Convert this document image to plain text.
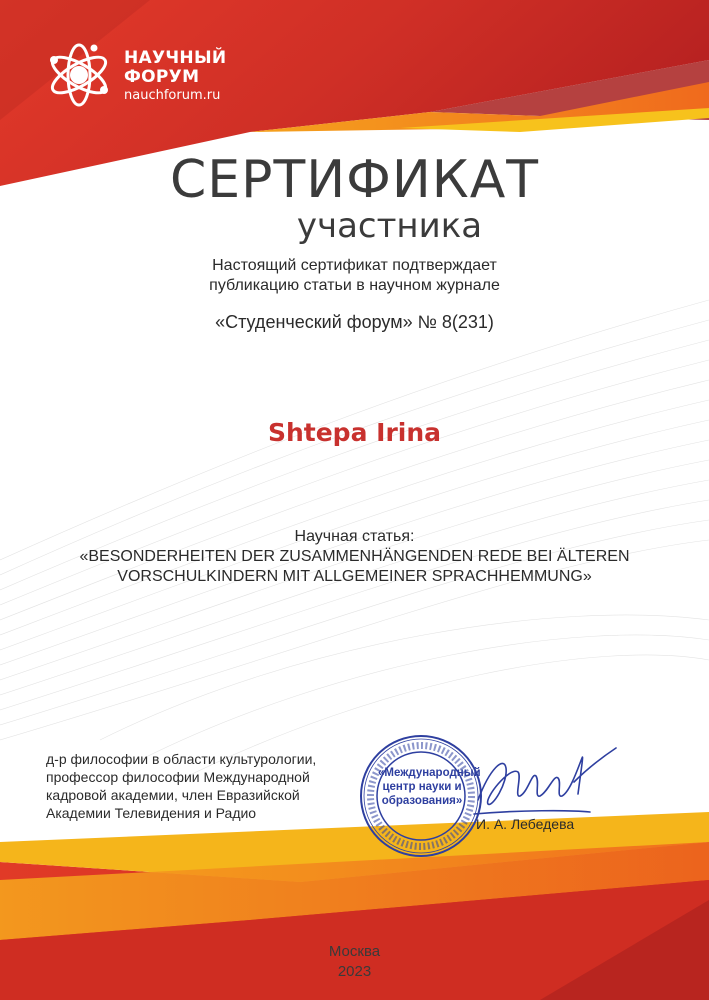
НАУЧНЫЙ
ФОРУМ
nauchforum.ru
СЕРТИФИКАТ
участника
Настоящий сертификат подтверждает
публикацию статьи в научном журнале
«Студенческий форум» № 8(231)
Shtepa Irina
Научная статья:
«BESONDERHEITEN DER ZUSAMMENHÄNGENDEN REDE BEI ÄLTEREN
VORSCHULKINDERN MIT ALLGEMEINER SPRACHHEMMUNG»
д-р философии в области культурологии,
профессор философии Международной
кадровой академии, член Евразийской
Академии Телевидения и Радио
«Международный
центр науки и
образования»
И. А. Лебедева
Москва
2023
